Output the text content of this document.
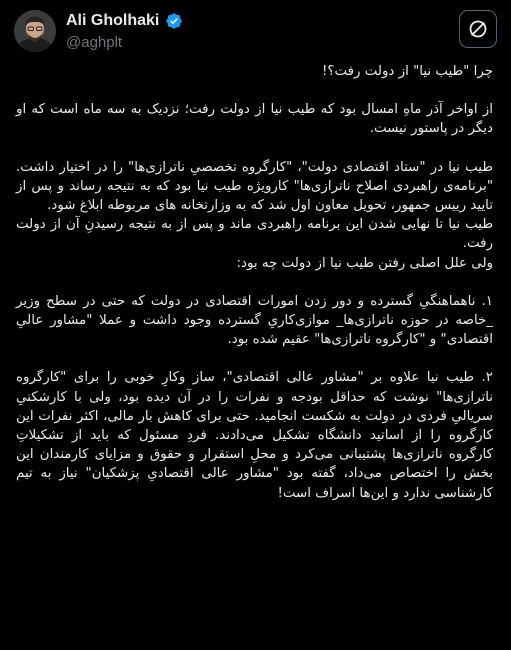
Ali Gholhaki
@aghplt

چرا "طیب نیا" از دولت رفت؟!

از اواخر آذر ماهِ امسال بود که طیب نیا از دولت رفت؛ نزدیک به سه ماه است که او دیگر در پاستور نیست.

طیب نیا در "ستاد اقتصادی دولت"، "کارگروه تخصصیِ ناترازی‌ها" را در اختیار داشت. "برنامه‌ی راهبردی اصلاح ناترازی‌ها" کارویژه طیب نیا بود که به نتیجه رساند و پس از تایید رییس جمهور، تحویل معاون اول شد که به وزارتخانه های مربوطه ابلاغ شود.

طیب نیا تا نهایی شدن این برنامه راهبردی ماند و پس از به نتیجه رسیدنِ آن از دولت رفت.

ولی علل اصلی رفتن طیب نیا از دولت چه بود:

۱. ناهماهنگیِ گسترده و دور زدن امورات اقتصادی در دولت که حتی در سطح وزیر _خاصه در حوزه ناترازی‌ها_ موازی‌کاریِ گسترده وجود داشت و عملا "مشاور عالیِ اقتصادی" و "کارگروه ناترازی‌ها" عقیم شده بود.

۲. طیب نیا علاوه بر "مشاور عالی اقتصادی"، ساز وکارِ خوبی را برای "کارگروه ناترازی‌ها" نوشت که حداقل بودجه و نفرات را در آن دیده بود، ولی با کارشکنیِ سریالیِ فردی در دولت به شکست انجامید. حتی برای کاهش بار مالی، اکثر نفرات این کارگروه را از اساتید دانشگاه تشکیل می‌دادند. فردِ مسئول که باید از تشکیلاتِ کارگروه ناترازی‌ها پشتیبانی می‌کرد و محلِ استقرار و حقوق و مزایای کارمندان این بخش را اختصاص می‌داد، گفته بود "مشاور عالی اقتصادیِ پزشکیان" نیاز به تیم کارشناسی ندارد و این‌ها اسراف است!
